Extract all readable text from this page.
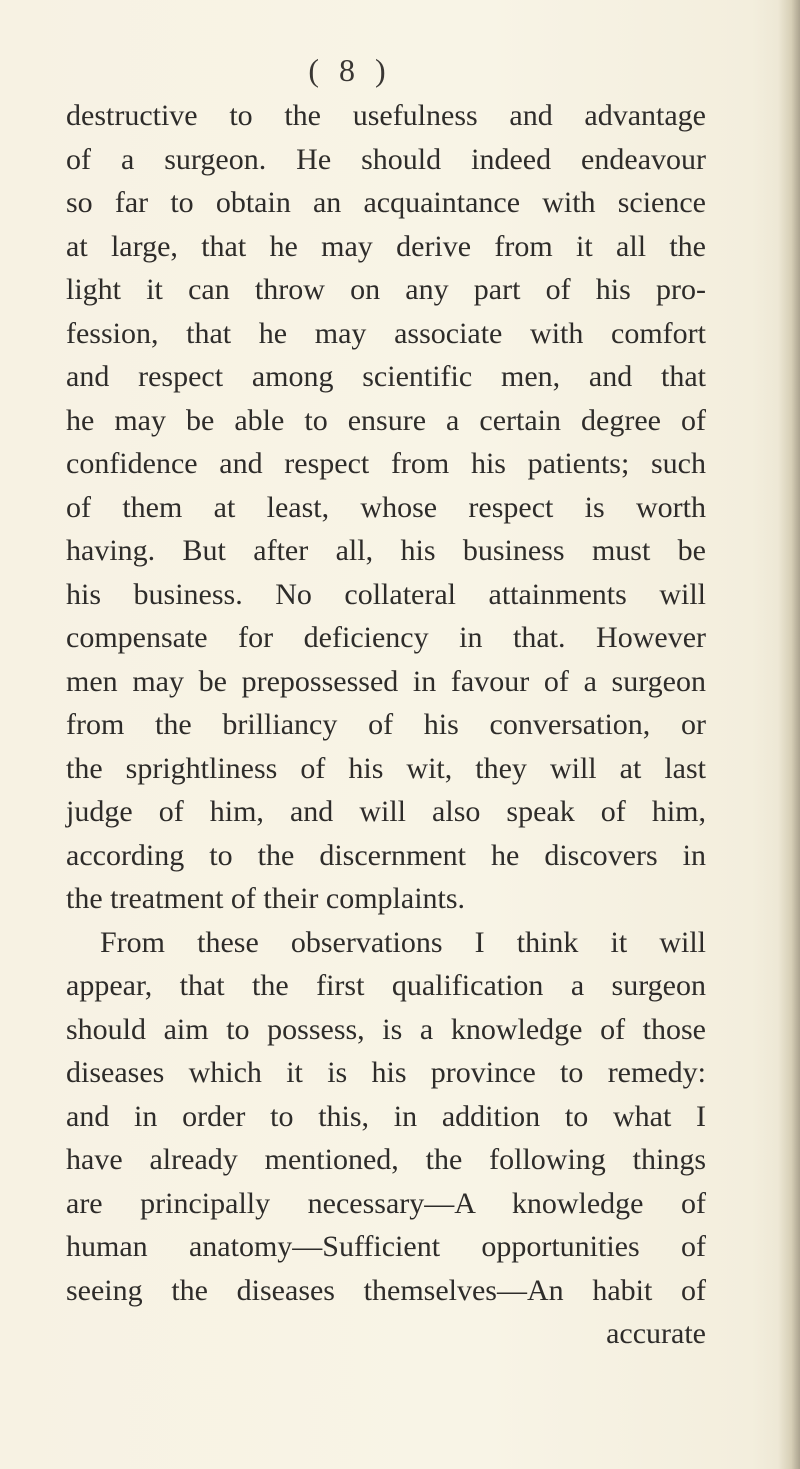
( 8 )
destructive to the usefulness and advantage
of a surgeon. He should indeed endeavour
so far to obtain an acquaintance with science
at large, that he may derive from it all the
light it can throw on any part of his pro-
fession, that he may associate with comfort
and respect among scientific men, and that
he may be able to ensure a certain degree of
confidence and respect from his patients; such
of them at least, whose respect is worth
having. But after all, his business must be
his business. No collateral attainments will
compensate for deficiency in that. However
men may be prepossessed in favour of a surgeon
from the brilliancy of his conversation, or
the sprightliness of his wit, they will at last
judge of him, and will also speak of him,
according to the discernment he discovers in
the treatment of their complaints.
From these observations I think it will
appear, that the first qualification a surgeon
should aim to possess, is a knowledge of those
diseases which it is his province to remedy:
and in order to this, in addition to what I
have already mentioned, the following things
are principally necessary—A knowledge of
human anatomy—Sufficient opportunities of
seeing the diseases themselves—An habit of
accurate
